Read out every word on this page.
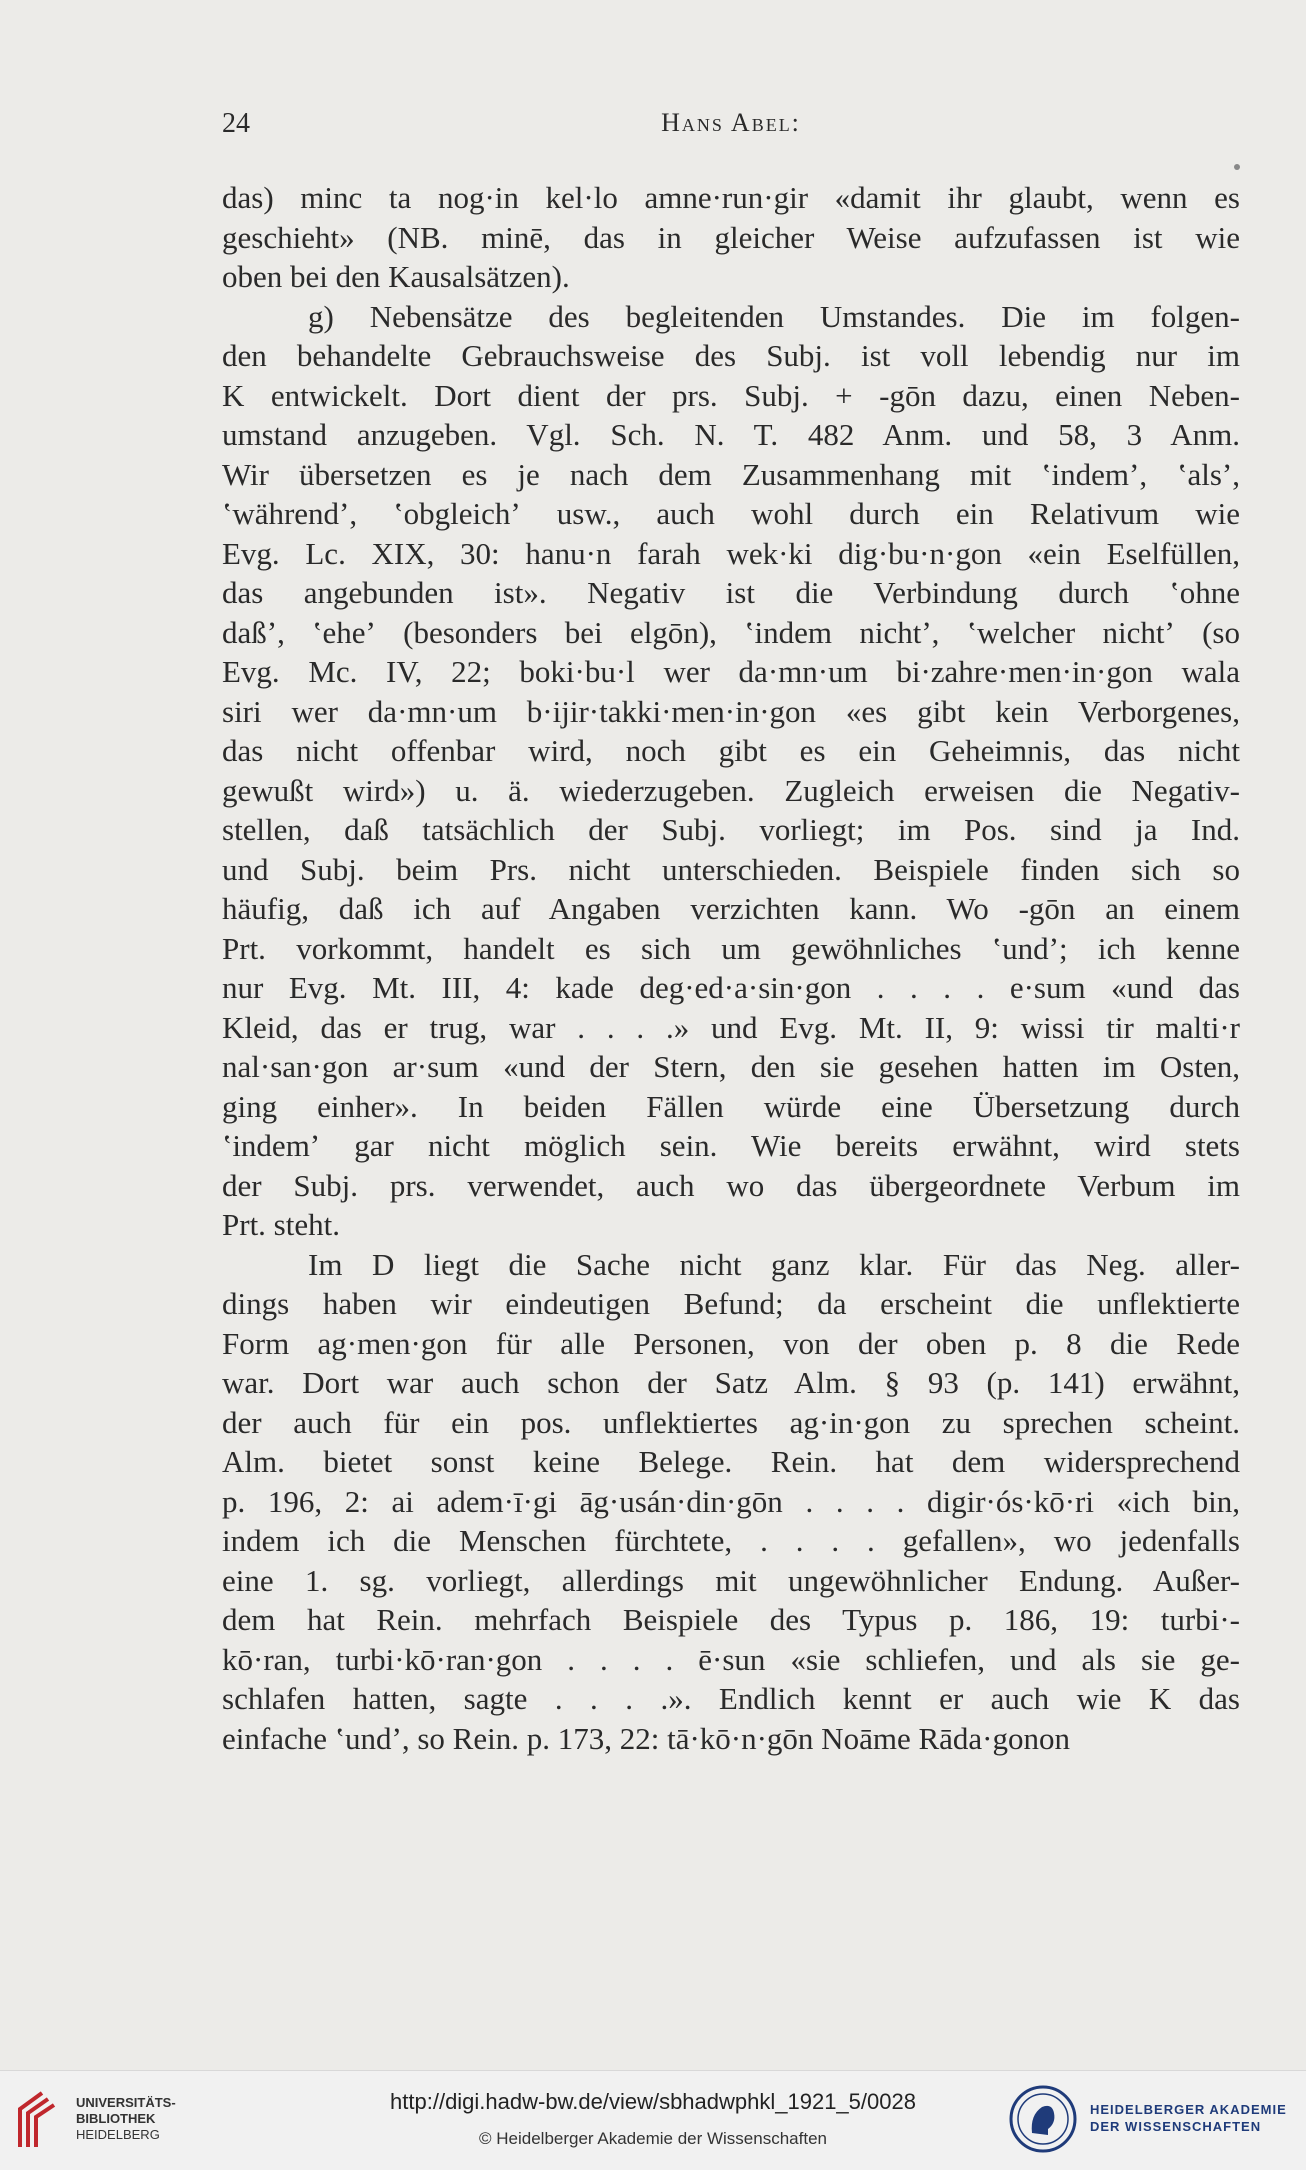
24	Hans Abel:
das) minc ta nog·in kel·lo amne·run·gir «damit ihr glaubt, wenn es
geschieht» (NB. minē, das in gleicher Weise aufzufassen ist wie
oben bei den Kausalsätzen).
g) Nebensätze des begleitenden Umstandes. Die im folgen-
den behandelte Gebrauchsweise des Subj. ist voll lebendig nur im
K entwickelt. Dort dient der prs. Subj. + -gōn dazu, einen Neben-
umstand anzugeben. Vgl. Sch. N. T. 482 Anm. und 58, 3 Anm.
Wir übersetzen es je nach dem Zusammenhang mit ʽindemʼ, ʽalsʼ,
ʽwährendʼ, ʽobgleichʼ usw., auch wohl durch ein Relativum wie
Evg. Lc. XIX, 30: hanu·n farah wek·ki dig·bu·n·gon «ein Eselfüllen,
das angebunden ist». Negativ ist die Verbindung durch ʽohne
daßʼ, ʽeheʼ (besonders bei elgōn), ʽindem nichtʼ, ʽwelcher nichtʼ (so
Evg. Mc. IV, 22; boki·bu·l wer da·mn·um bi·zahre·men·in·gon wala
siri wer da·mn·um b·ijir·takki·men·in·gon «es gibt kein Verborgenes,
das nicht offenbar wird, noch gibt es ein Geheimnis, das nicht
gewußt wird») u. ä. wiederzugeben. Zugleich erweisen die Negativ-
stellen, daß tatsächlich der Subj. vorliegt; im Pos. sind ja Ind.
und Subj. beim Prs. nicht unterschieden. Beispiele finden sich so
häufig, daß ich auf Angaben verzichten kann. Wo -gōn an einem
Prt. vorkommt, handelt es sich um gewöhnliches ʽundʼ; ich kenne
nur Evg. Mt. III, 4: kade deg·ed·a·sin·gon . . . . e·sum «und das
Kleid, das er trug, war . . . .» und Evg. Mt. II, 9: wissi tir malti·r
nal·san·gon ar·sum «und der Stern, den sie gesehen hatten im Osten,
ging einher». In beiden Fällen würde eine Übersetzung durch
ʽindemʼ gar nicht möglich sein. Wie bereits erwähnt, wird stets
der Subj. prs. verwendet, auch wo das übergeordnete Verbum im
Prt. steht.
Im D liegt die Sache nicht ganz klar. Für das Neg. aller-
dings haben wir eindeutigen Befund; da erscheint die unflektierte
Form ag·men·gon für alle Personen, von der oben p. 8 die Rede
war. Dort war auch schon der Satz Alm. § 93 (p. 141) erwähnt,
der auch für ein pos. unflektiertes ag·in·gon zu sprechen scheint.
Alm. bietet sonst keine Belege. Rein. hat dem widersprechend
p. 196, 2: ai adem·ī·gi āg·usán·din·gōn . . . . digir·ós·kō·ri «ich bin,
indem ich die Menschen fürchtete, . . . . gefallen», wo jedenfalls
eine 1. sg. vorliegt, allerdings mit ungewöhnlicher Endung. Außer-
dem hat Rein. mehrfach Beispiele des Typus p. 186, 19: turbi·-
kō·ran, turbi·kō·ran·gon . . . . ē·sun «sie schliefen, und als sie ge-
schlafen hatten, sagte . . . .». Endlich kennt er auch wie K das
einfache ʽundʼ, so Rein. p. 173, 22: tā·kō·n·gōn Noāme Rāda·gonon
UNIVERSITÄTS-
BIBLIOTHEK
HEIDELBERG
http://digi.hadw-bw.de/view/sbhadwphkl_1921_5/0028
© Heidelberger Akademie der Wissenschaften
HEIDELBERGER AKADEMIE
DER WISSENSCHAFTEN
